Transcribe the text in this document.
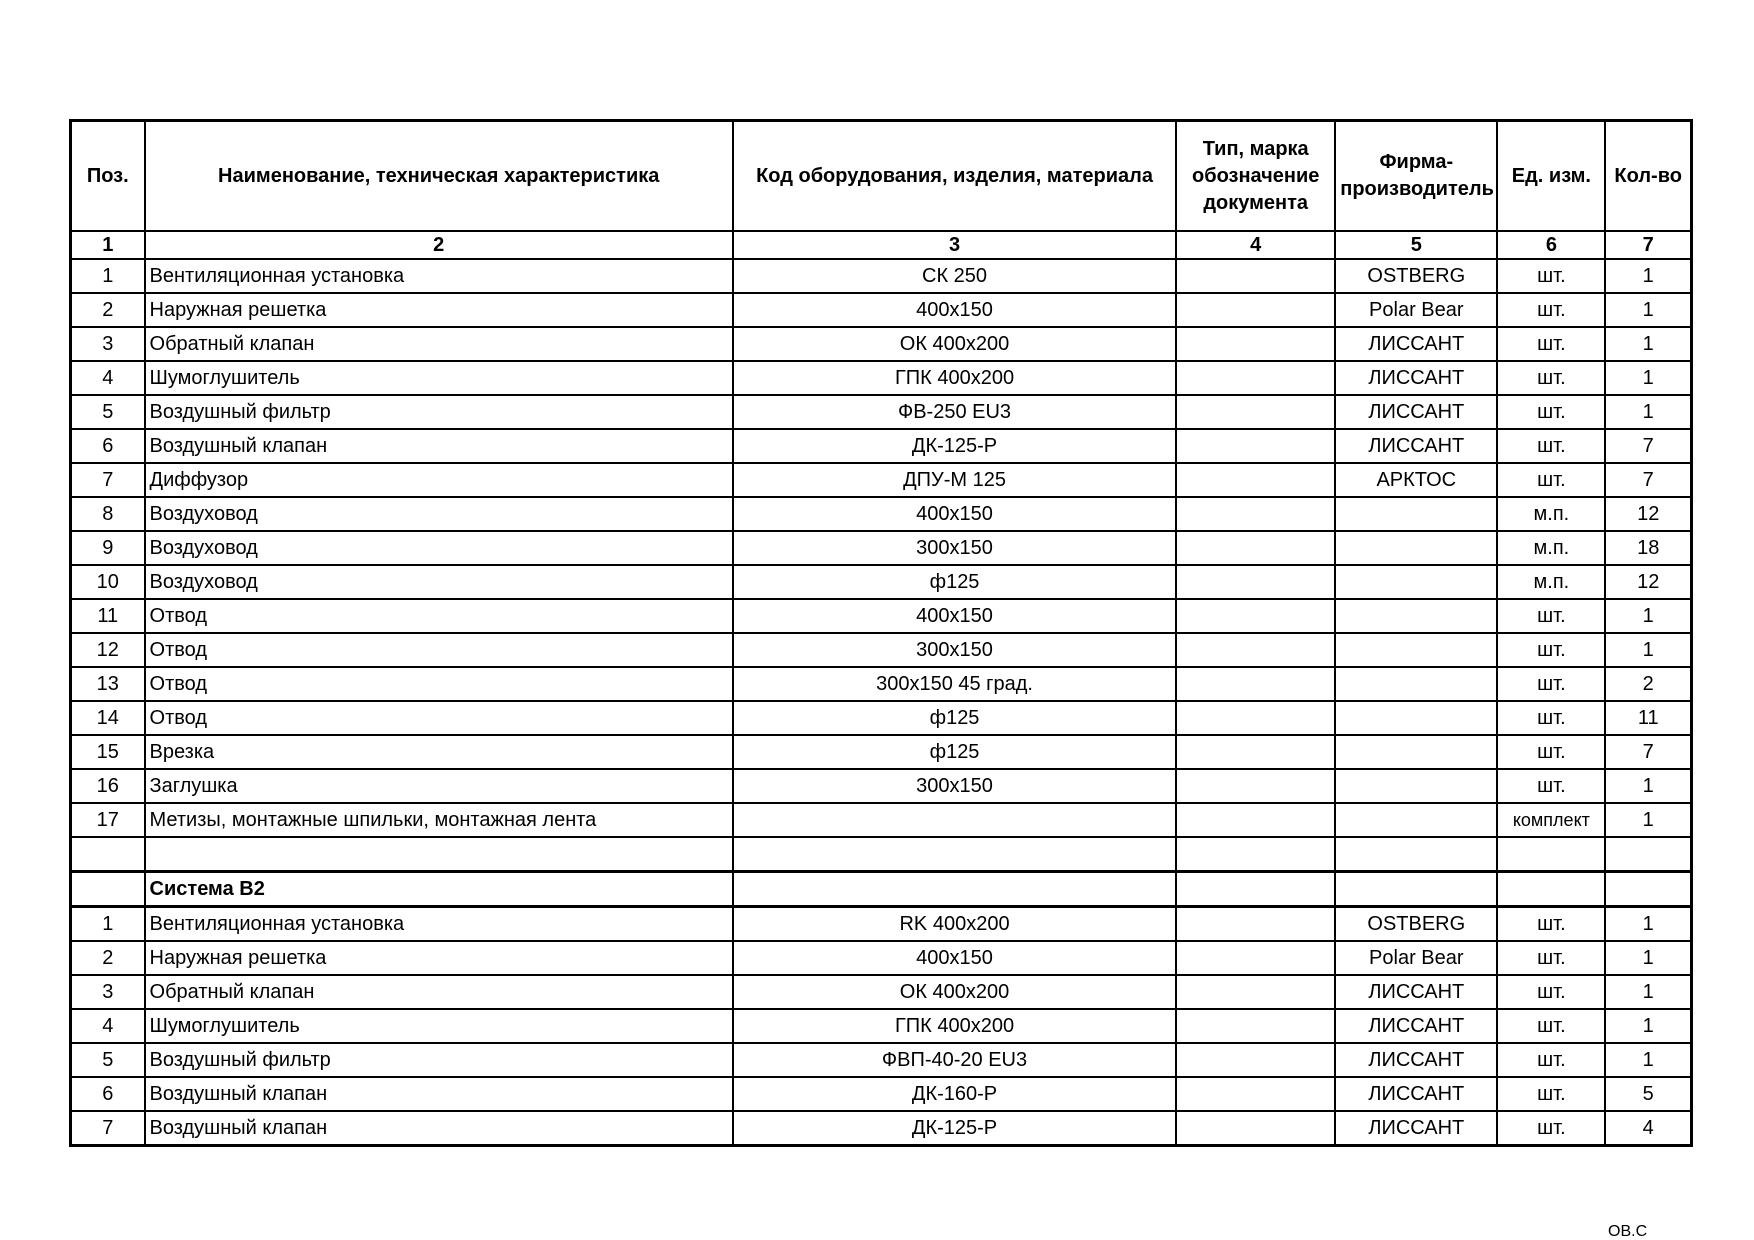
Поз.	Наименование, техническая характеристика	Код оборудования, изделия, материала	Тип, марка обозначение документа	Фирма-производитель	Ед. изм.	Кол-во
1	2	3	4	5	6	7
1	Вентиляционная установка	СК 250		OSTBERG	шт.	1
2	Наружная решетка	400x150		Polar Bear	шт.	1
3	Обратный клапан	ОК 400х200		ЛИССАНТ	шт.	1
4	Шумоглушитель	ГПК 400х200		ЛИССАНТ	шт.	1
5	Воздушный фильтр	ФВ-250 EU3		ЛИССАНТ	шт.	1
6	Воздушный клапан	ДК-125-Р		ЛИССАНТ	шт.	7
7	Диффузор	ДПУ-М 125		АРКТОС	шт.	7
8	Воздуховод	400x150			м.п.	12
9	Воздуховод	300x150			м.п.	18
10	Воздуховод	ф125			м.п.	12
11	Отвод	400x150			шт.	1
12	Отвод	300x150			шт.	1
13	Отвод	300x150 45 град.			шт.	2
14	Отвод	ф125			шт.	11
15	Врезка	ф125			шт.	7
16	Заглушка	300x150			шт.	1
17	Метизы, монтажные шпильки, монтажная лента				комплект	1

	Система В2					
1	Вентиляционная установка	RK 400x200		OSTBERG	шт.	1
2	Наружная решетка	400x150		Polar Bear	шт.	1
3	Обратный клапан	ОК 400х200		ЛИССАНТ	шт.	1
4	Шумоглушитель	ГПК 400х200		ЛИССАНТ	шт.	1
5	Воздушный фильтр	ФВП-40-20 EU3		ЛИССАНТ	шт.	1
6	Воздушный клапан	ДК-160-Р		ЛИССАНТ	шт.	5
7	Воздушный клапан	ДК-125-Р		ЛИССАНТ	шт.	4
ОВ.С
